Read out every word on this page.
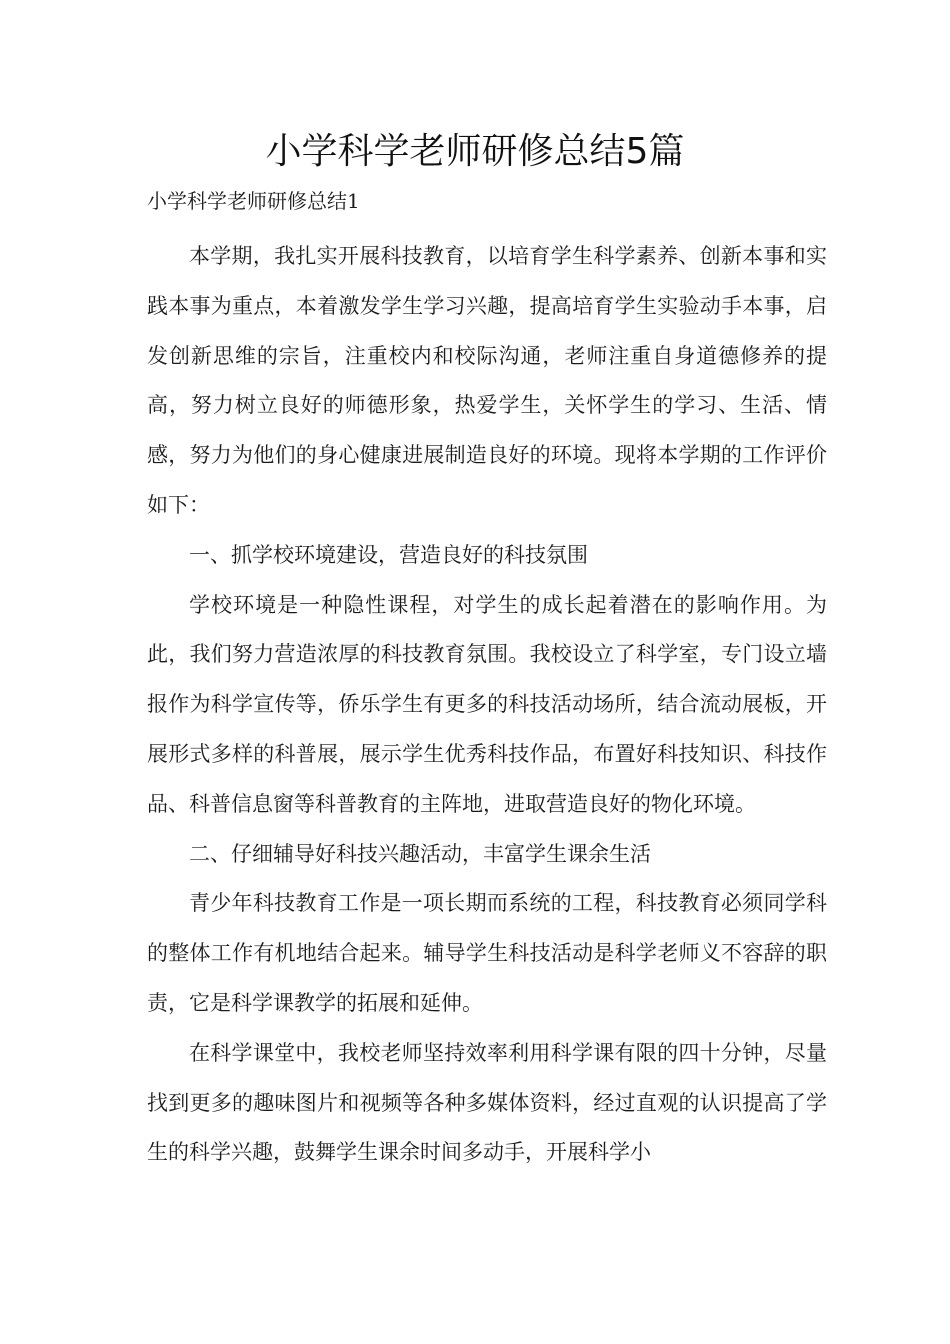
小学科学老师研修总结5篇
小学科学老师研修总结1

本学期，我扎实开展科技教育，以培育学生科学素养、创新本事和实践本事为重点，本着激发学生学习兴趣，提高培育学生实验动手本事，启发创新思维的宗旨，注重校内和校际沟通，老师注重自身道德修养的提高，努力树立良好的师德形象，热爱学生，关怀学生的学习、生活、情感，努力为他们的身心健康进展制造良好的环境。现将本学期的工作评价如下：

一、抓学校环境建设，营造良好的科技氛围

学校环境是一种隐性课程，对学生的成长起着潜在的影响作用。为此，我们努力营造浓厚的科技教育氛围。我校设立了科学室，专门设立墙报作为科学宣传等，侨乐学生有更多的科技活动场所，结合流动展板，开展形式多样的科普展，展示学生优秀科技作品，布置好科技知识、科技作品、科普信息窗等科普教育的主阵地，进取营造良好的物化环境。

二、仔细辅导好科技兴趣活动，丰富学生课余生活

青少年科技教育工作是一项长期而系统的工程，科技教育必须同学科的整体工作有机地结合起来。辅导学生科技活动是科学老师义不容辞的职责，它是科学课教学的拓展和延伸。

在科学课堂中，我校老师坚持效率利用科学课有限的四十分钟，尽量找到更多的趣味图片和视频等各种多媒体资料，经过直观的认识提高了学生的科学兴趣，鼓舞学生课余时间多动手，开展科学小
